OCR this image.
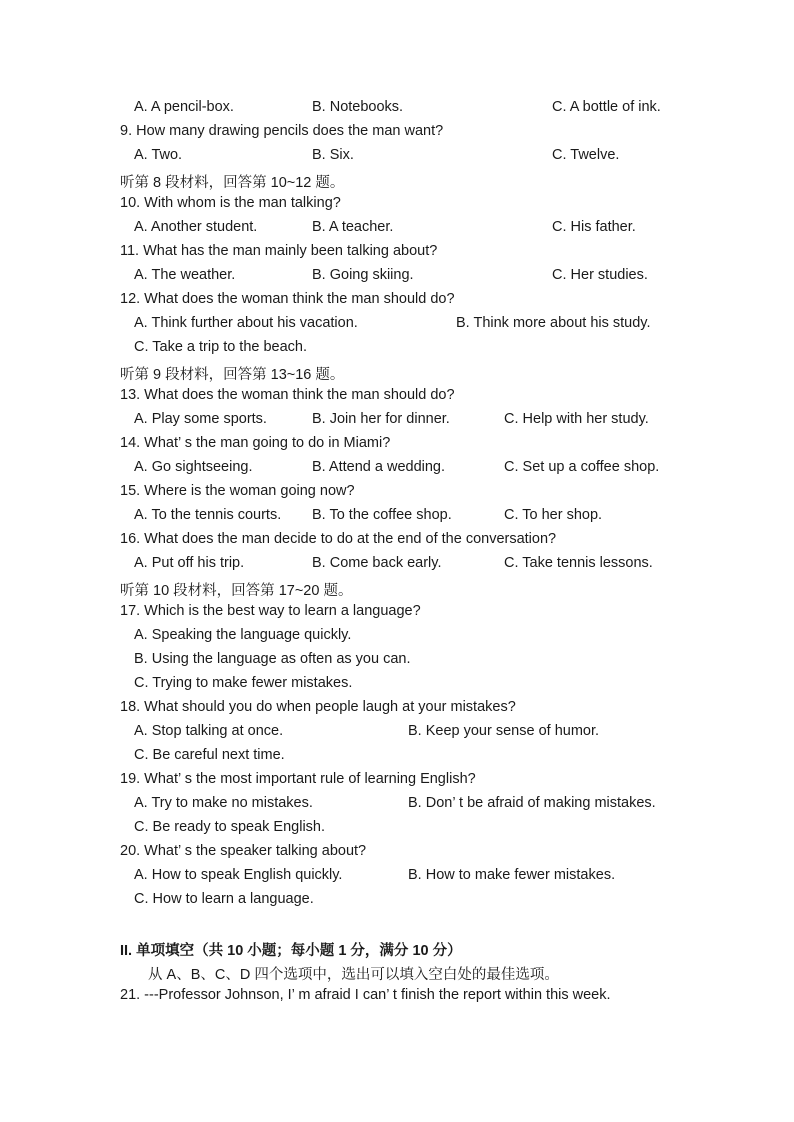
A. A pencil-box.	B. Notebooks.	C. A bottle of ink.
9. How many drawing pencils does the man want?
A. Two.	B. Six.	C. Twelve.
听第 8 段材料，回答第 10~12 题。
10. With whom is the man talking?
A. Another student.	B. A teacher.	C. His father.
11. What has the man mainly been talking about?
A. The weather.	B. Going skiing.	C. Her studies.
12. What does the woman think the man should do?
A. Think further about his vacation.	B. Think more about his study.
C. Take a trip to the beach.
听第 9 段材料，回答第 13~16 题。
13. What does the woman think the man should do?
A. Play some sports.	B. Join her for dinner.	C. Help with her study.
14. What’ s the man going to do in Miami?
A. Go sightseeing.	B. Attend a wedding.	C. Set up a coffee shop.
15. Where is the woman going now?
A. To the tennis courts. B. To the coffee shop.	C. To her shop.
16. What does the man decide to do at the end of the conversation?
A. Put off his trip.	B. Come back early.	C. Take tennis lessons.
听第 10 段材料，回答第 17~20 题。
17. Which is the best way to learn a language?
A. Speaking the language quickly.
B. Using the language as often as you can.
C. Trying to make fewer mistakes.
18. What should you do when people laugh at your mistakes?
A. Stop talking at once.	B. Keep your sense of humor.
C. Be careful next time.
19. What’ s the most important rule of learning English?
A. Try to make no mistakes.	B. Don’ t be afraid of making mistakes.
C. Be ready to speak English.
20. What’ s the speaker talking about?
A. How to speak English quickly.	B. How to make fewer mistakes.
C. How to learn a language.
II. 单项填空（共 10 小题；每小题 1 分，满分 10 分）
从 A、B、C、D 四个选项中，选出可以填入空白处的最佳选项。
21. ---Professor Johnson, I’ m afraid I can’ t finish the report within this week.
